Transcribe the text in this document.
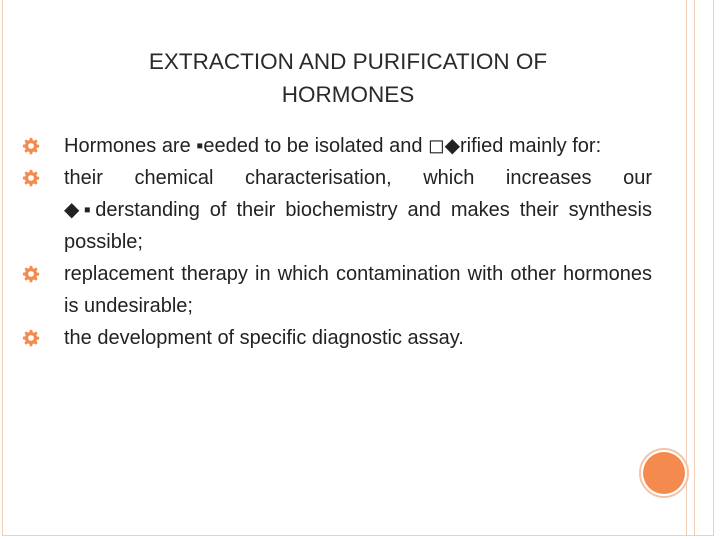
EXTRACTION AND PURIFICATION OF
HORMONES
Hormones are ▪eeded to be isolated and ◻◆rified mainly for:
their chemical characterisation, which increases our ◆▪derstanding of their biochemistry and makes their synthesis possible;
replacement therapy in which contamination with other hormones is undesirable;
the development of specific diagnostic assay.
